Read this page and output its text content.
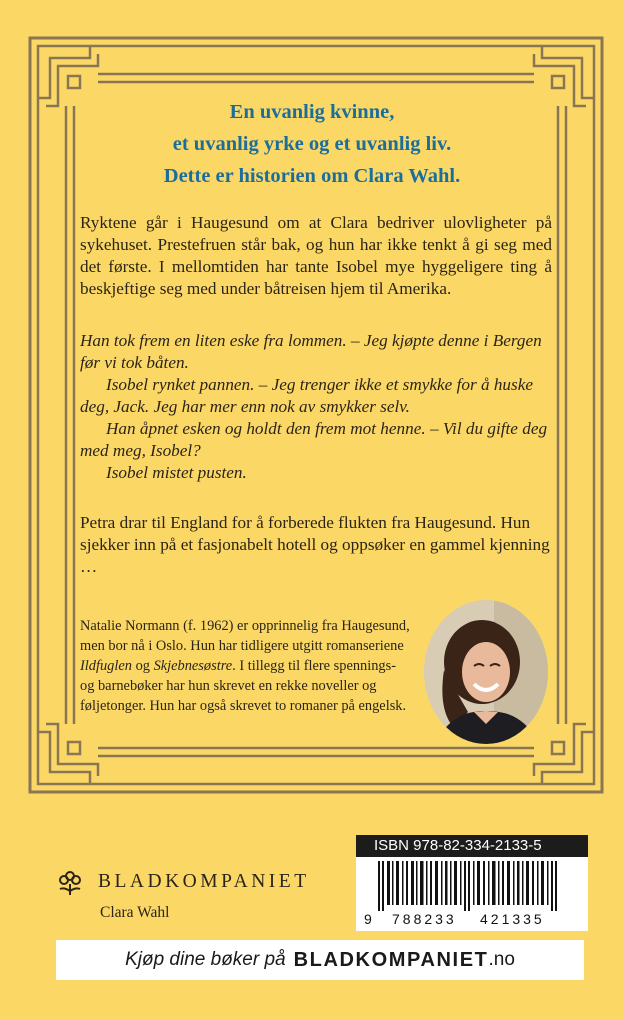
En uvanlig kvinne,
et uvanlig yrke og et uvanlig liv.
Dette er historien om Clara Wahl.
Ryktene går i Haugesund om at Clara bedriver ulovligheter på sykehuset. Prestefruen står bak, og hun har ikke tenkt å gi seg med det første. I mellomtiden har tante Isobel mye hyggeligere ting å beskjeftige seg med under båtreisen hjem til Amerika.
Han tok frem en liten eske fra lommen. – Jeg kjøpte denne i Bergen før vi tok båten.
Isobel rynket pannen. – Jeg trenger ikke et smykke for å huske deg, Jack. Jeg har mer enn nok av smykker selv.
Han åpnet esken og holdt den frem mot henne. – Vil du gifte deg med meg, Isobel?
Isobel mistet pusten.
Petra drar til England for å forberede flukten fra Haugesund. Hun sjekker inn på et fasjonabelt hotell og oppsøker en gammel kjenning …
Natalie Normann (f. 1962) er opprinnelig fra Haugesund, men bor nå i Oslo. Hun har tidligere utgitt romanseriene Ildfuglen og Skjebnesøstre. I tillegg til flere spennings- og barnebøker har hun skrevet en rekke noveller og føljetonger. Hun har også skrevet to romaner på engelsk.
BLADKOMPANIET
Clara Wahl
ISBN 978-82-334-2133-5
9 788233 421335
Kjøp dine bøker på BLADKOMPANIET .no
